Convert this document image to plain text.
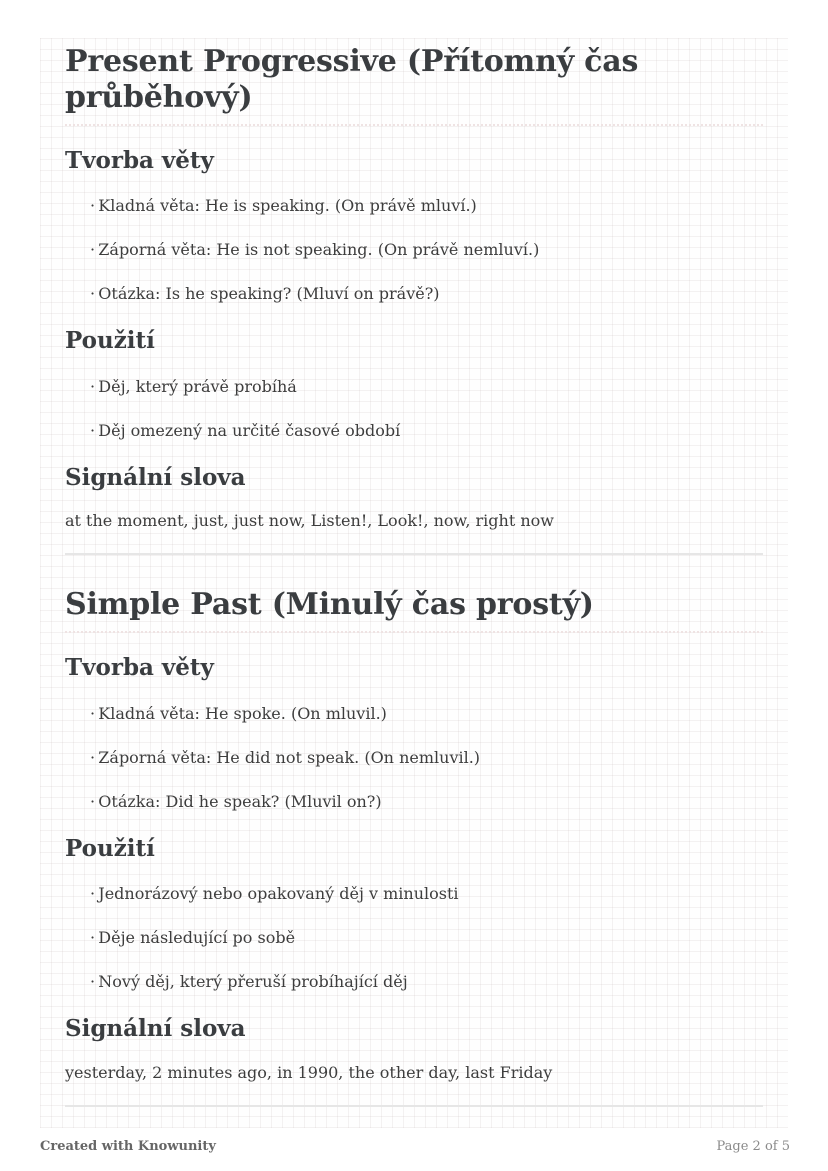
Present Progressive (Přítomný čas průběhový)
Tvorba věty
· Kladná věta: He is speaking. (On právě mluví.)
· Záporná věta: He is not speaking. (On právě nemluví.)
· Otázka: Is he speaking? (Mluví on právě?)
Použití
· Děj, který právě probíhá
· Děj omezený na určité časové období
Signální slova

at the moment, just, just now, Listen!, Look!, now, right now

Simple Past (Minulý čas prostý)
Tvorba věty
· Kladná věta: He spoke. (On mluvil.)
· Záporná věta: He did not speak. (On nemluvil.)
· Otázka: Did he speak? (Mluvil on?)
Použití
· Jednorázový nebo opakovaný děj v minulosti
· Děje následující po sobě
· Nový děj, který přeruší probíhající děj
Signální slova

yesterday, 2 minutes ago, in 1990, the other day, last Friday

Created with Knowunity	Page 2 of 5
